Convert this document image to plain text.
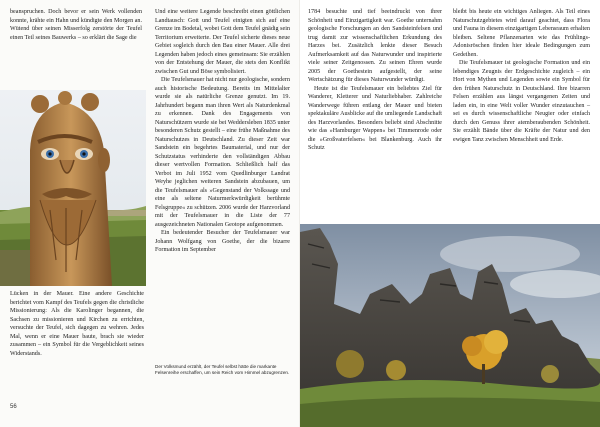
beanspruchen. Doch bevor er sein Werk vollenden konnte, krähte ein Hahn und kündigte den Morgen an. Wütend über seinen Misserfolg zerstörte der Teufel einen Teil seines Bauwerks – so erklärt die Sage die

Lücken in der Mauer. Eine andere Geschichte berichtet vom Kampf des Teufels gegen die christliche Missionierung: Als die Karolinger begannen, die Sachsen zu missionieren und Kirchen zu errichten, versuchte der Teufel, sich dagegen zu wehren. Jedes Mal, wenn er eine Mauer baute, brach sie wieder zusammen – ein Symbol für die Vergeblichkeit seines Widerstands.

Und eine weitere Legende beschreibt einen göttlichen Landtausch: Gott und Teufel einigten sich auf eine Grenze im Bodetal, wobei Gott dem Teufel gnädig sein Territorium erweiterte. Der Teufel sicherte dieses neue Gebiet sogleich durch den Bau einer Mauer. Alle drei Legenden haben jedoch eines gemeinsam: Sie erzählen von der Entstehung der Mauer, die stets den Konflikt zwischen Gut und Böse symbolisiert.

Die Teufelsmauer hat nicht nur geologische, sondern auch historische Bedeutung. Bereits im Mittelalter wurde sie als natürliche Grenze genutzt. Im 19. Jahrhundert begann man ihren Wert als Naturdenkmal zu erkennen. Dank des Engagements von Naturschützern wurde sie bei Weddersleben 1835 unter besonderen Schutz gestellt – eine frühe Maßnahme des Naturschutzes in Deutschland. Zu dieser Zeit war Sandstein ein begehrtes Baumaterial, und nur der Schutzstatus verhinderte den vollständigen Abbau dieser wertvollen Formation. Schließlich half das Verbot im Juli 1952 vom Quedlinburger Landrat Weyhe jeglichen weiteren Sandstein abzubauen, um die Teufelsmauer als »Gegenstand der Volkssage und eine als seltene Naturmerkwürdigkeit berühmte Felsgruppe« zu schützen. 2006 wurde der Harzvorland mit der Teufelsmauer in die Liste der 77 ausgezeichneten Nationalen Geotope aufgenommen.

Ein bedeutender Besucher der Teufelsmauer war Johann Wolfgang von Goethe, der die bizarre Formation im September

56

1784 besuchte und tief beeindruckt von ihrer Schönheit und Einzigartigkeit war. Goethe unternahm geologische Forschungen an den Sandsteinfelsen und trug damit zur wissenschaftlichen Erkundung des Harzes bei. Zusätzlich lenkte dieser Besuch Aufmerksamkeit auf das Naturwunder und inspirierte viele seiner Zeitgenossen. Zu seinen Ehren wurde 2005 der Goethestein aufgestellt, der seine Wertschätzung für dieses Naturwunder würdigt.

Heute ist die Teufelsmauer ein beliebtes Ziel für Wanderer, Kletterer und Naturliebhaber. Zahlreiche Wanderwege führen entlang der Mauer und bieten spektakuläre Ausblicke auf die umliegende Landschaft des Harzvorlandes. Besonders beliebt sind Abschnitte wie das »Hamburger Wappen« bei Timmenrode oder die »Großvaterfelsen« bei Blankenburg. Auch ihr Schutz

bleibt bis heute ein wichtiges Anliegen. Als Teil eines Naturschutzgebietes wird darauf geachtet, dass Flora und Fauna in diesem einzigartigen Lebensraum erhalten bleiben. Seltene Pflanzenarten wie das Frühlings-Adonisröschen finden hier ideale Bedingungen zum Gedeihen.

Die Teufelsmauer ist geologische Formation und ein lebendiges Zeugnis der Erdgeschichte zugleich – ein Hort von Mythen und Legenden sowie ein Symbol für den frühen Naturschutz in Deutschland. Ihre bizarren Felsen erzählen aus längst vergangenen Zeiten und laden ein, in eine Welt voller Wunder einzutauchen – sei es durch wissenschaftliche Neugier oder einfach durch den Genuss ihrer atemberaubenden Schönheit. Sie erzählt Bände über die Kräfte der Natur und den ewigen Tanz zwischen Menschheit und Erde.

Der Volksmund erzählt, der Teufel selbst hätte die markante Felsenreihe erschaffen, um sein Reich vom Himmel abzugrenzen.
